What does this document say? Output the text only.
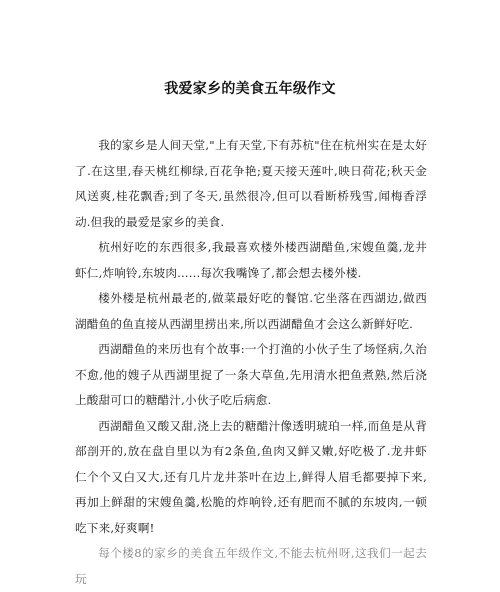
我爱家乡的美食五年级作文

我的家乡是人间天堂,"上有天堂,下有苏杭"住在杭州实在是太好了.在这里,春天桃红柳绿,百花争艳;夏天接天莲叶,映日荷花;秋天金风送爽,桂花飘香;到了冬天,虽然很冷,但可以看断桥残雪,闻梅香浮动.但我的最爱是家乡的美食.

杭州好吃的东西很多,我最喜欢楼外楼西湖醋鱼,宋嫂鱼羹,龙井虾仁,炸响铃,东坡肉......每次我嘴馋了,都会想去楼外楼.

楼外楼是杭州最老的,做菜最好吃的餐馆.它坐落在西湖边,做西湖醋鱼的鱼直接从西湖里捞出来,所以西湖醋鱼才会这么新鲜好吃.

西湖醋鱼的来历也有个故事:一个打渔的小伙子生了场怪病,久治不愈,他的嫂子从西湖里捉了一条大草鱼,先用清水把鱼煮熟,然后浇上酸甜可口的糖醋汁,小伙子吃后病愈.

西湖醋鱼又酸又甜,浇上去的糖醋汁像透明琥珀一样,而鱼是从背部剖开的,放在盘自里以为有2条鱼,鱼肉又鲜又嫩,好吃极了.龙井虾仁个个又白又大,还有几片龙井茶叶在边上,鲜得人眉毛都要掉下来,再加上鲜甜的宋嫂鱼羹,松脆的炸响铃,还有肥而不腻的东坡肉,一顿吃下来,好爽啊!

每个楼8的家乡的美食五年级作文,不能去杭州呀,这我们一起去玩
